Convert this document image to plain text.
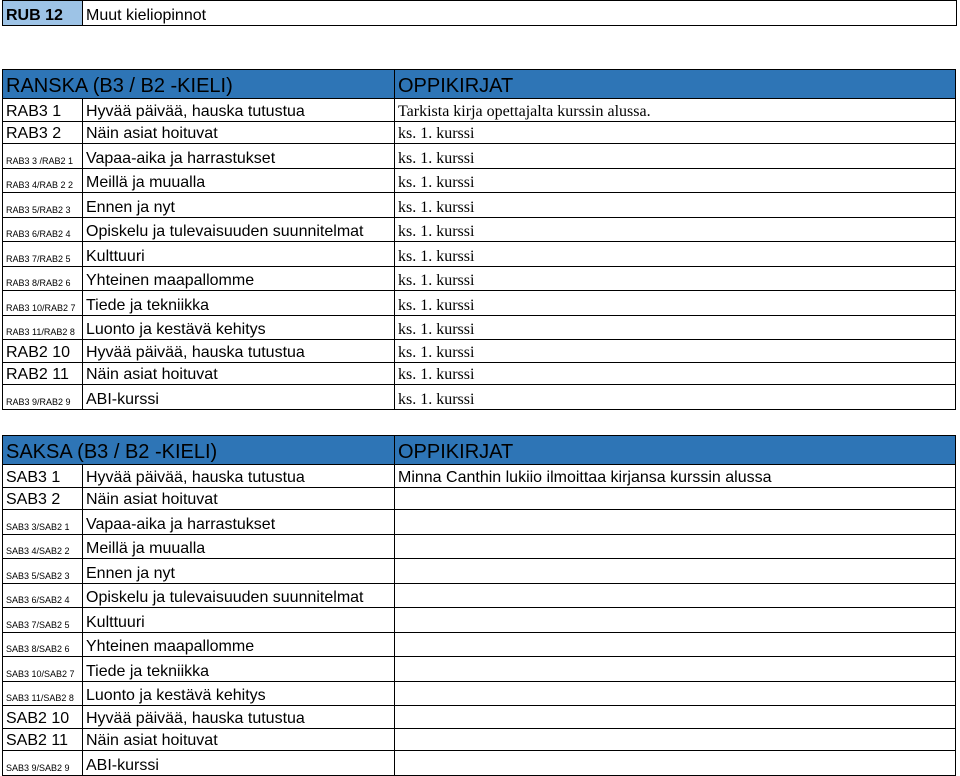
RUB 12	Muut kieliopinnot
RANSKA (B3 / B2 -KIELI)		OPPIKIRJAT
RAB3 1	Hyvää päivää, hauska tutustua	Tarkista kirja opettajalta kurssin alussa.
RAB3 2	Näin asiat hoituvat	ks. 1. kurssi
RAB3 3 /RAB2 1	Vapaa-aika ja harrastukset	ks. 1. kurssi
RAB3 4/RAB 2 2	Meillä ja muualla	ks. 1. kurssi
RAB3 5/RAB2 3	Ennen ja nyt	ks. 1. kurssi
RAB3 6/RAB2 4	Opiskelu ja tulevaisuuden suunnitelmat	ks. 1. kurssi
RAB3 7/RAB2 5	Kulttuuri	ks. 1. kurssi
RAB3 8/RAB2 6	Yhteinen maapallomme	ks. 1. kurssi
RAB3 10/RAB2 7	Tiede ja tekniikka	ks. 1. kurssi
RAB3 11/RAB2 8	Luonto ja kestävä kehitys	ks. 1. kurssi
RAB2 10	Hyvää päivää, hauska tutustua	ks. 1. kurssi
RAB2 11	Näin asiat hoituvat	ks. 1. kurssi
RAB3 9/RAB2 9	ABI-kurssi	ks. 1. kurssi
SAKSA (B3 / B2 -KIELI)		OPPIKIRJAT
SAB3 1	Hyvää päivää, hauska tutustua	Minna Canthin lukiio ilmoittaa kirjansa kurssin alussa
SAB3 2	Näin asiat hoituvat	
SAB3 3/SAB2 1	Vapaa-aika ja harrastukset	
SAB3 4/SAB2 2	Meillä ja muualla	
SAB3 5/SAB2 3	Ennen ja nyt	
SAB3 6/SAB2 4	Opiskelu ja tulevaisuuden suunnitelmat	
SAB3 7/SAB2 5	Kulttuuri	
SAB3 8/SAB2 6	Yhteinen maapallomme	
SAB3 10/SAB2 7	Tiede ja tekniikka	
SAB3 11/SAB2 8	Luonto ja kestävä kehitys	
SAB2 10	Hyvää päivää, hauska tutustua	
SAB2 11	Näin asiat hoituvat	
SAB3 9/SAB2 9	ABI-kurssi	
